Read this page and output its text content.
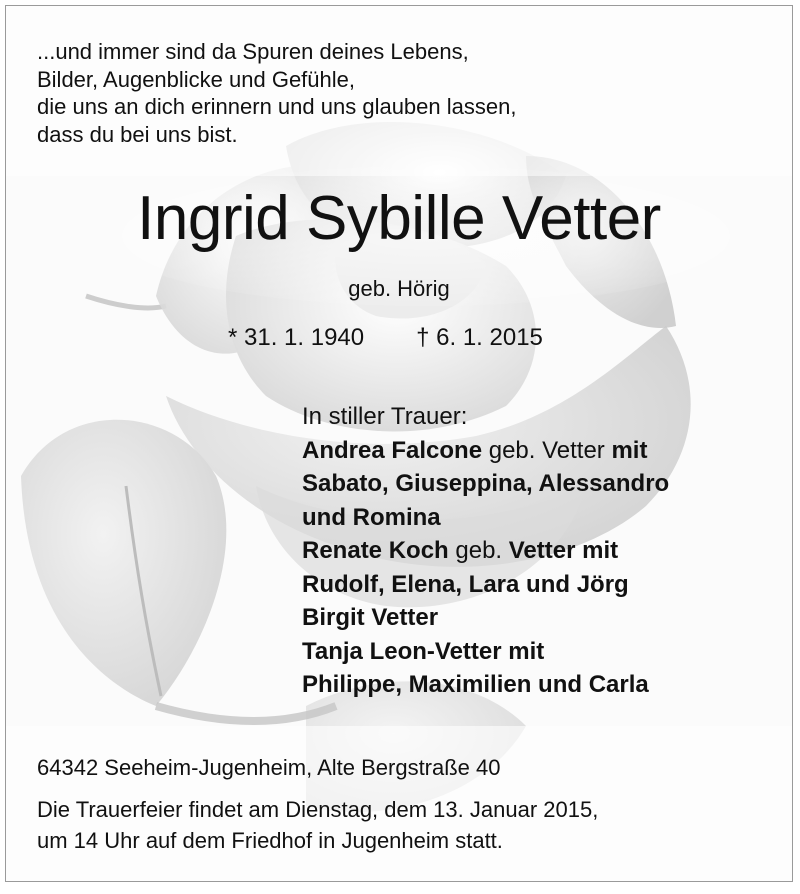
...und immer sind da Spuren deines Lebens,
Bilder, Augenblicke und Gefühle,
die uns an dich erinnern und uns glauben lassen,
dass du bei uns bist.
Ingrid Sybille Vetter
geb. Hörig
* 31. 1. 1940 † 6. 1. 2015
In stiller Trauer:
Andrea Falcone geb. Vetter mit
Sabato, Giuseppina, Alessandro
und Romina
Renate Koch geb. Vetter mit
Rudolf, Elena, Lara und Jörg
Birgit Vetter
Tanja Leon-Vetter mit
Philippe, Maximilien und Carla
64342 Seeheim-Jugenheim, Alte Bergstraße 40
Die Trauerfeier findet am Dienstag, dem 13. Januar 2015,
um 14 Uhr auf dem Friedhof in Jugenheim statt.
